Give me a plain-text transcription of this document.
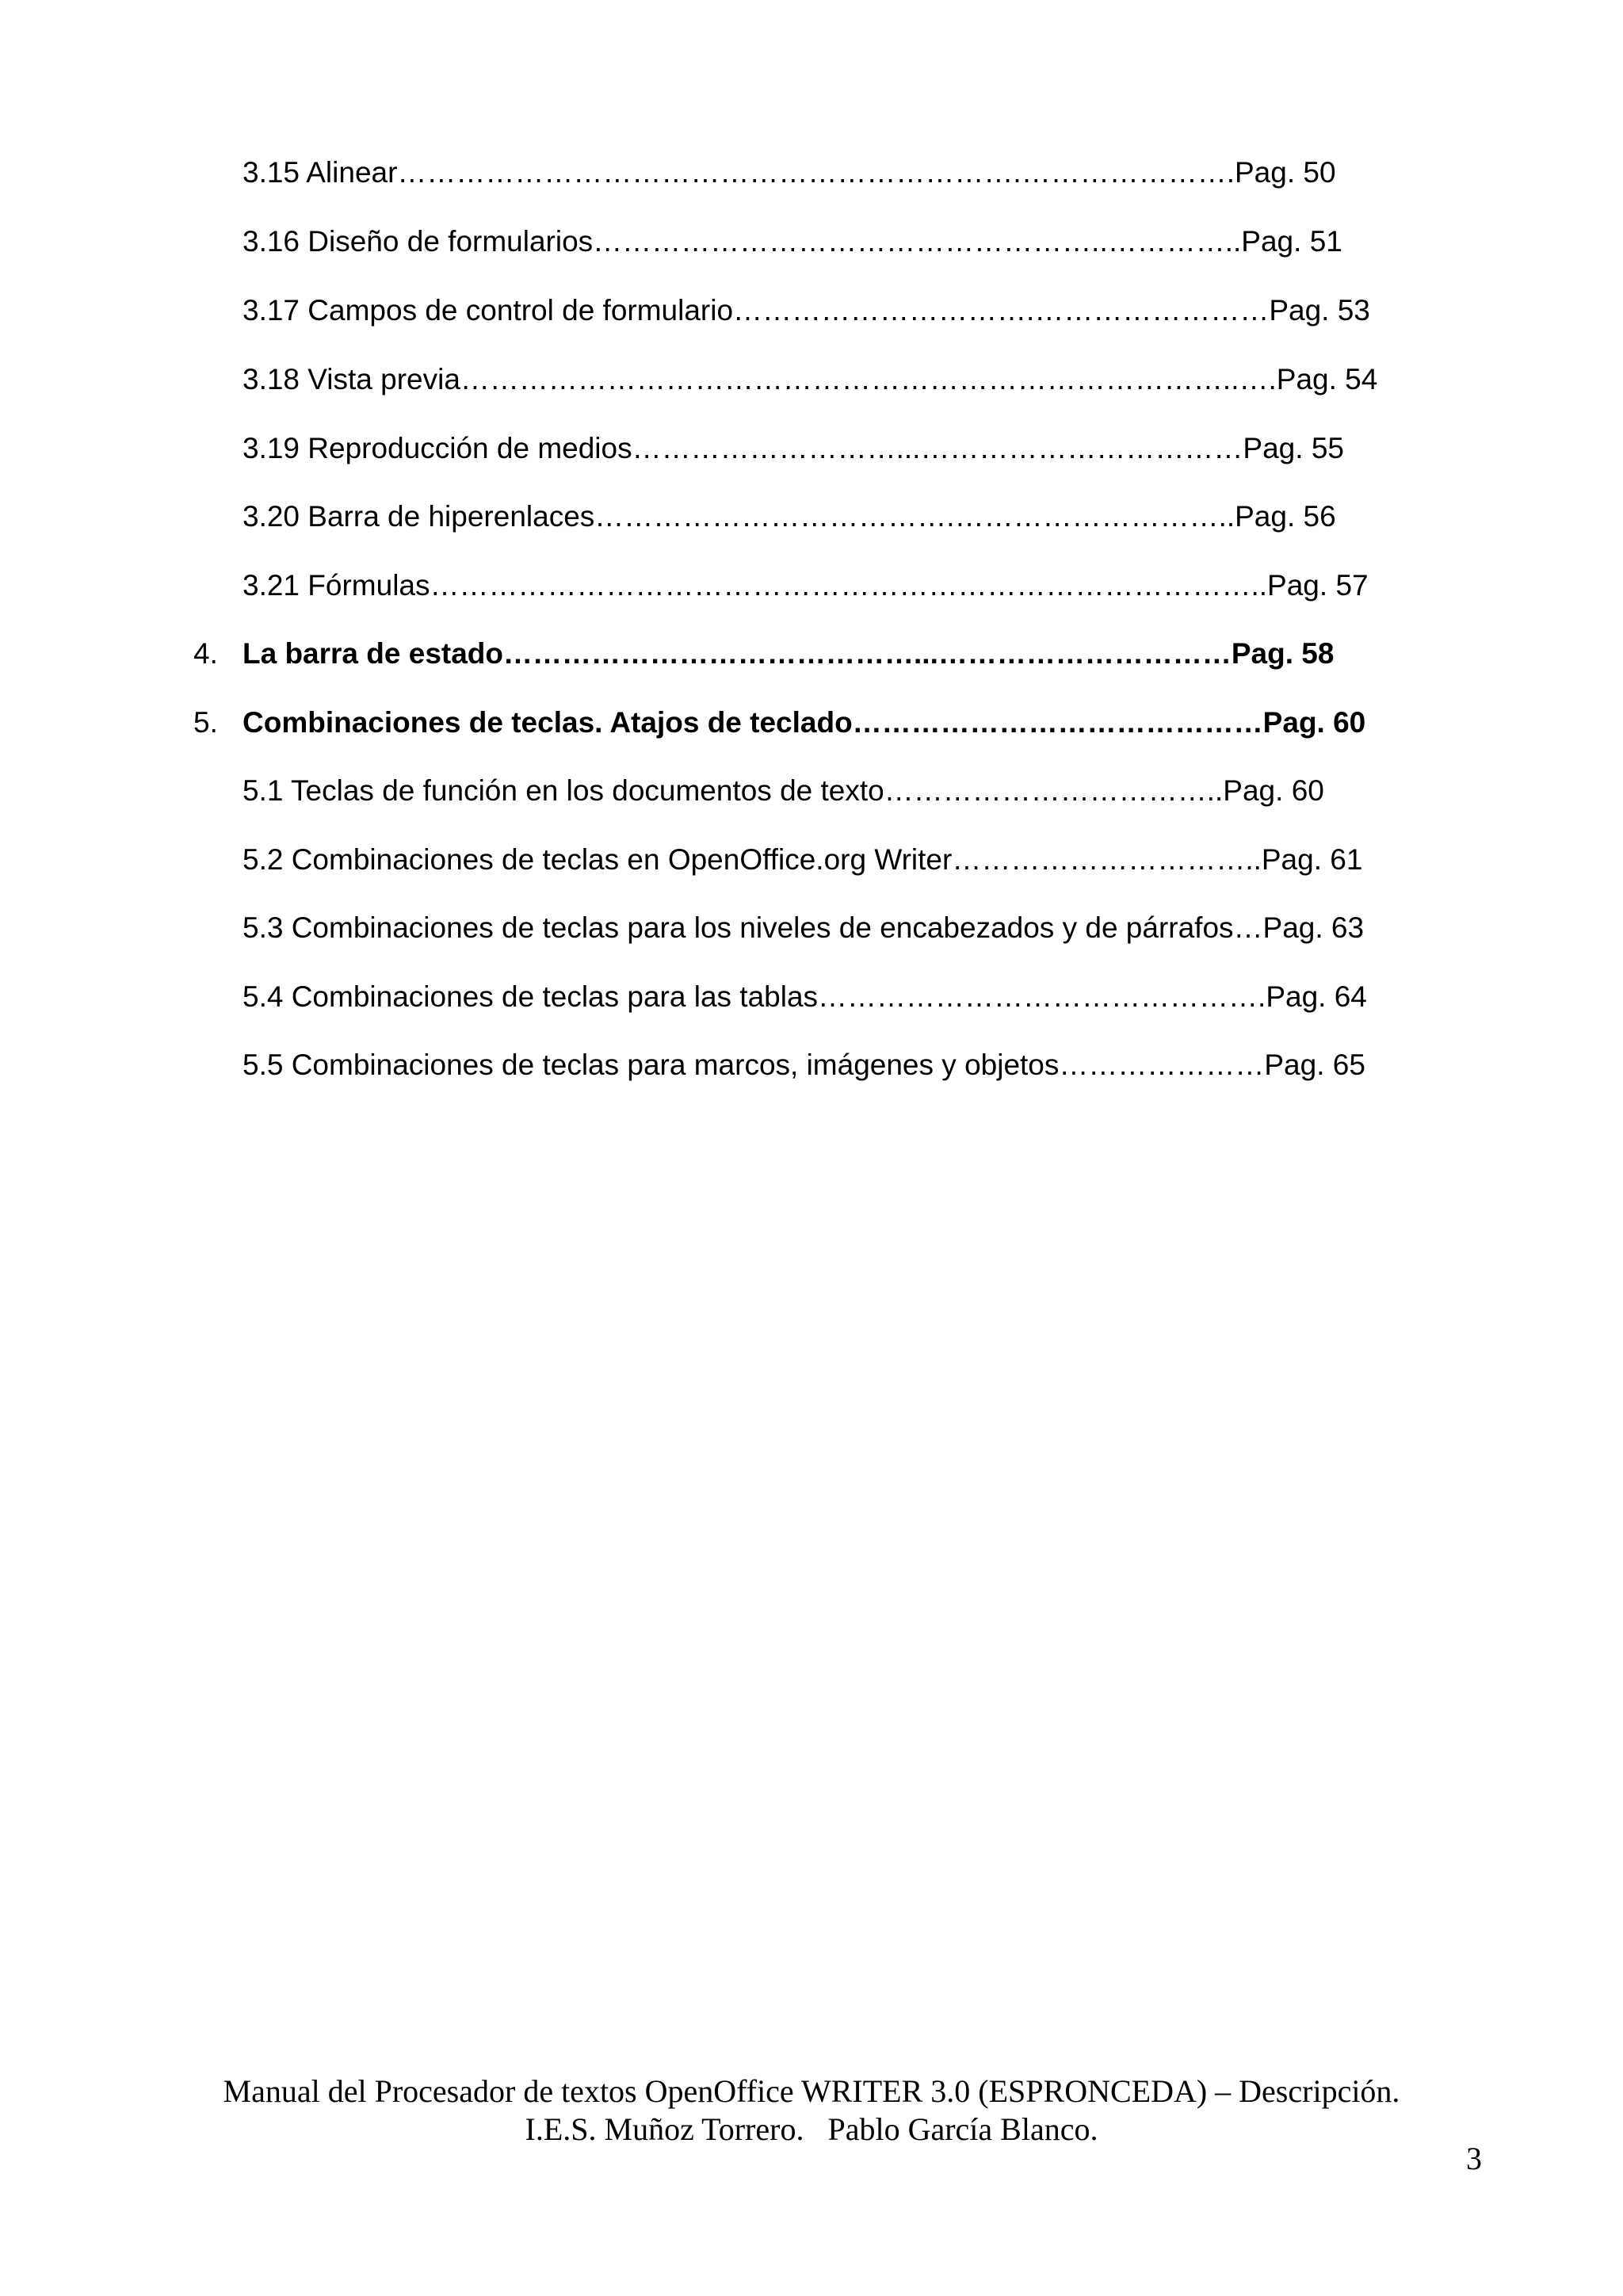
3.15 Alinear……………………………………………………….………………….Pag. 50
3.16 Diseño de formularios……………………………………………..…………..Pag. 51
3.17 Campos de control de formulario………………………….……………………Pag. 53
3.18 Vista previa……………………………………………………………………..….Pag. 54
3.19 Reproducción de medios………………………...……………………………Pag. 55
3.20 Barra de hiperenlaces……………………………….………………………..Pag. 56
3.21 Fórmulas…………………………………………………………………………..Pag. 57
4. La barra de estado……………………………………...…………………………Pag. 58
5. Combinaciones de teclas. Atajos de teclado……………………………………Pag. 60
5.1 Teclas de función en los documentos de texto……………………………..Pag. 60
5.2 Combinaciones de teclas en OpenOffice.org Writer…………………………..Pag. 61
5.3 Combinaciones de teclas para los niveles de encabezados y de párrafos…Pag. 63
5.4 Combinaciones de teclas para las tablas……………………………………….Pag. 64
5.5 Combinaciones de teclas para marcos, imágenes y objetos…………………Pag. 65
Manual del Procesador de textos OpenOffice WRITER 3.0 (ESPRONCEDA) – Descripción.
I.E.S. Muñoz Torrero.   Pablo García Blanco.
3
